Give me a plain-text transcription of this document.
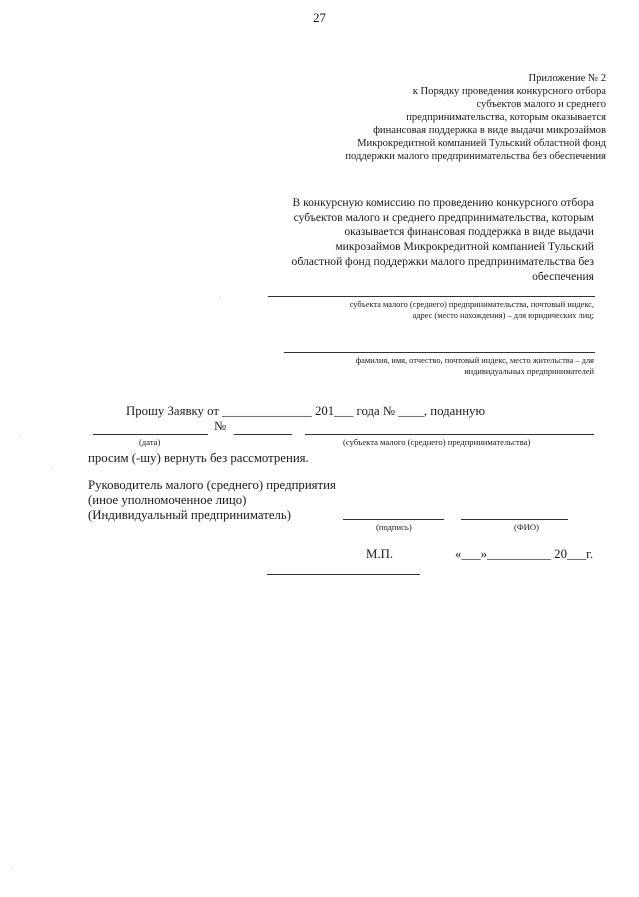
27
Приложение № 2
к Порядку проведения конкурсного отбора
субъектов малого и среднего
предпринимательства, которым оказывается
финансовая поддержка в виде выдачи микрозаймов
Микрокредитной компанией Тульский областной фонд
поддержки малого предпринимательства без обеспечения
В конкурсную комиссию по проведению конкурсного отбора
субъектов малого и среднего предпринимательства, которым
оказывается финансовая поддержка в виде выдачи
микрозаймов Микрокредитной компанией Тульский
областной фонд поддержки малого предпринимательства без
обеспечения
субъекта малого (среднего) предпринимательства, почтовый индекс,
адрес (место нахождения) – для юридических лиц;
фамилия, имя, отчество, почтовый индекс, место жительства – для
индивидуальных предпринимателей
Прошу Заявку от ______________ 201___ года № ____, поданную
№
(дата)	(субъекта малого (среднего) предпринимательства)
просим (-шу) вернуть без рассмотрения.
Руководитель малого (среднего) предприятия
(иное уполномоченное лицо)
(Индивидуальный предприниматель)
(подпись)	(ФИО)
М.П.	«___»__________ 20___г.
